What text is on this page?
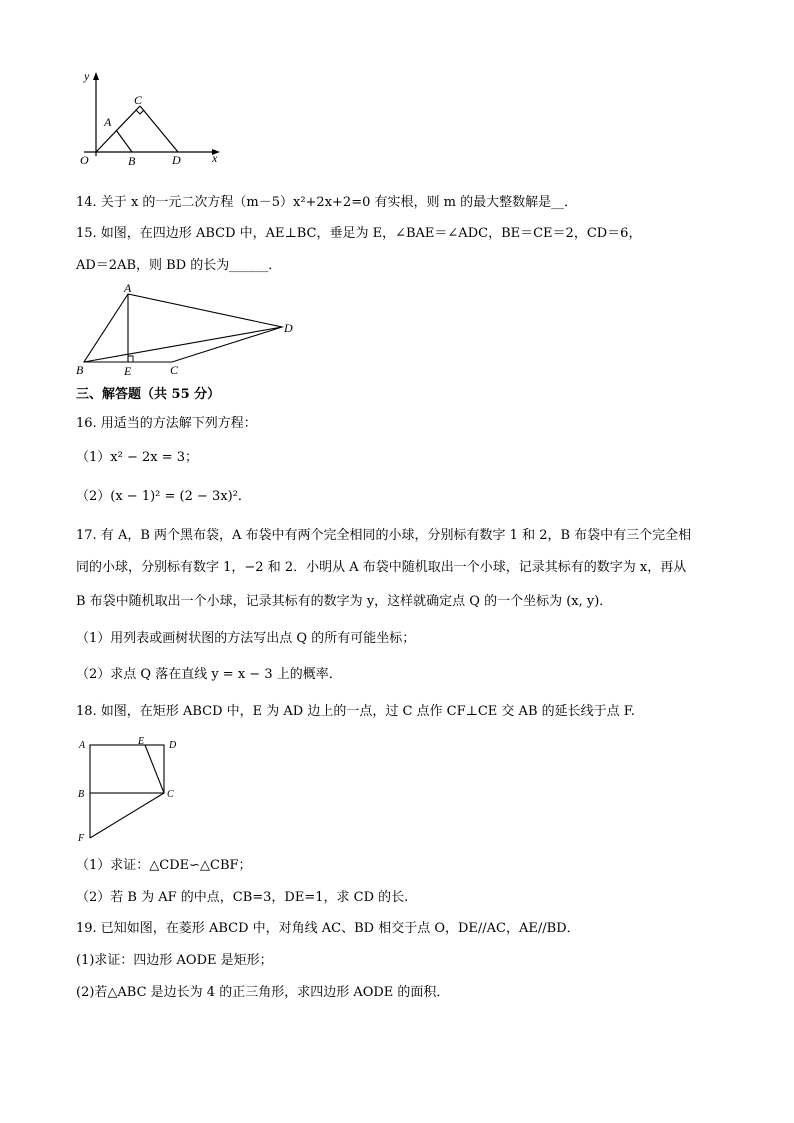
y
x
O
A
B
C
D
14. 关于 x 的一元二次方程（m－5）x²+2x+2=0 有实根，则 m 的最大整数解是__．
15. 如图，在四边形 ABCD 中，AE⊥BC，垂足为 E，∠BAE＝∠ADC，BE＝CE＝2，CD＝6，
AD＝2AB，则 BD 的长为______．
A
B	E	C
D
三、解答题（共 55 分）
16. 用适当的方法解下列方程：
（1）x² − 2x = 3；
（2）(x − 1)² = (2 − 3x)²．
17. 有 A，B 两个黑布袋，A 布袋中有两个完全相同的小球，分别标有数字 1 和 2，B 布袋中有三个完全相
同的小球，分别标有数字 1，−2 和 2．小明从 A 布袋中随机取出一个小球，记录其标有的数字为 x，再从
B 布袋中随机取出一个小球，记录其标有的数字为 y，这样就确定点 Q 的一个坐标为 (x, y)．
（1）用列表或画树状图的方法写出点 Q 的所有可能坐标；
（2）求点 Q 落在直线 y = x − 3 上的概率．
18. 如图，在矩形 ABCD 中，E 为 AD 边上的一点，过 C 点作 CF⊥CE 交 AB 的延长线于点 F.
A	E D
B	C
F
（1）求证：△CDE∽△CBF；
（2）若 B 为 AF 的中点，CB=3，DE=1，求 CD 的长.
19. 已知如图，在菱形 ABCD 中，对角线 AC、BD 相交于点 O，DE//AC，AE//BD．
(1)求证：四边形 AODE 是矩形；
(2)若△ABC 是边长为 4 的正三角形，求四边形 AODE 的面积．
